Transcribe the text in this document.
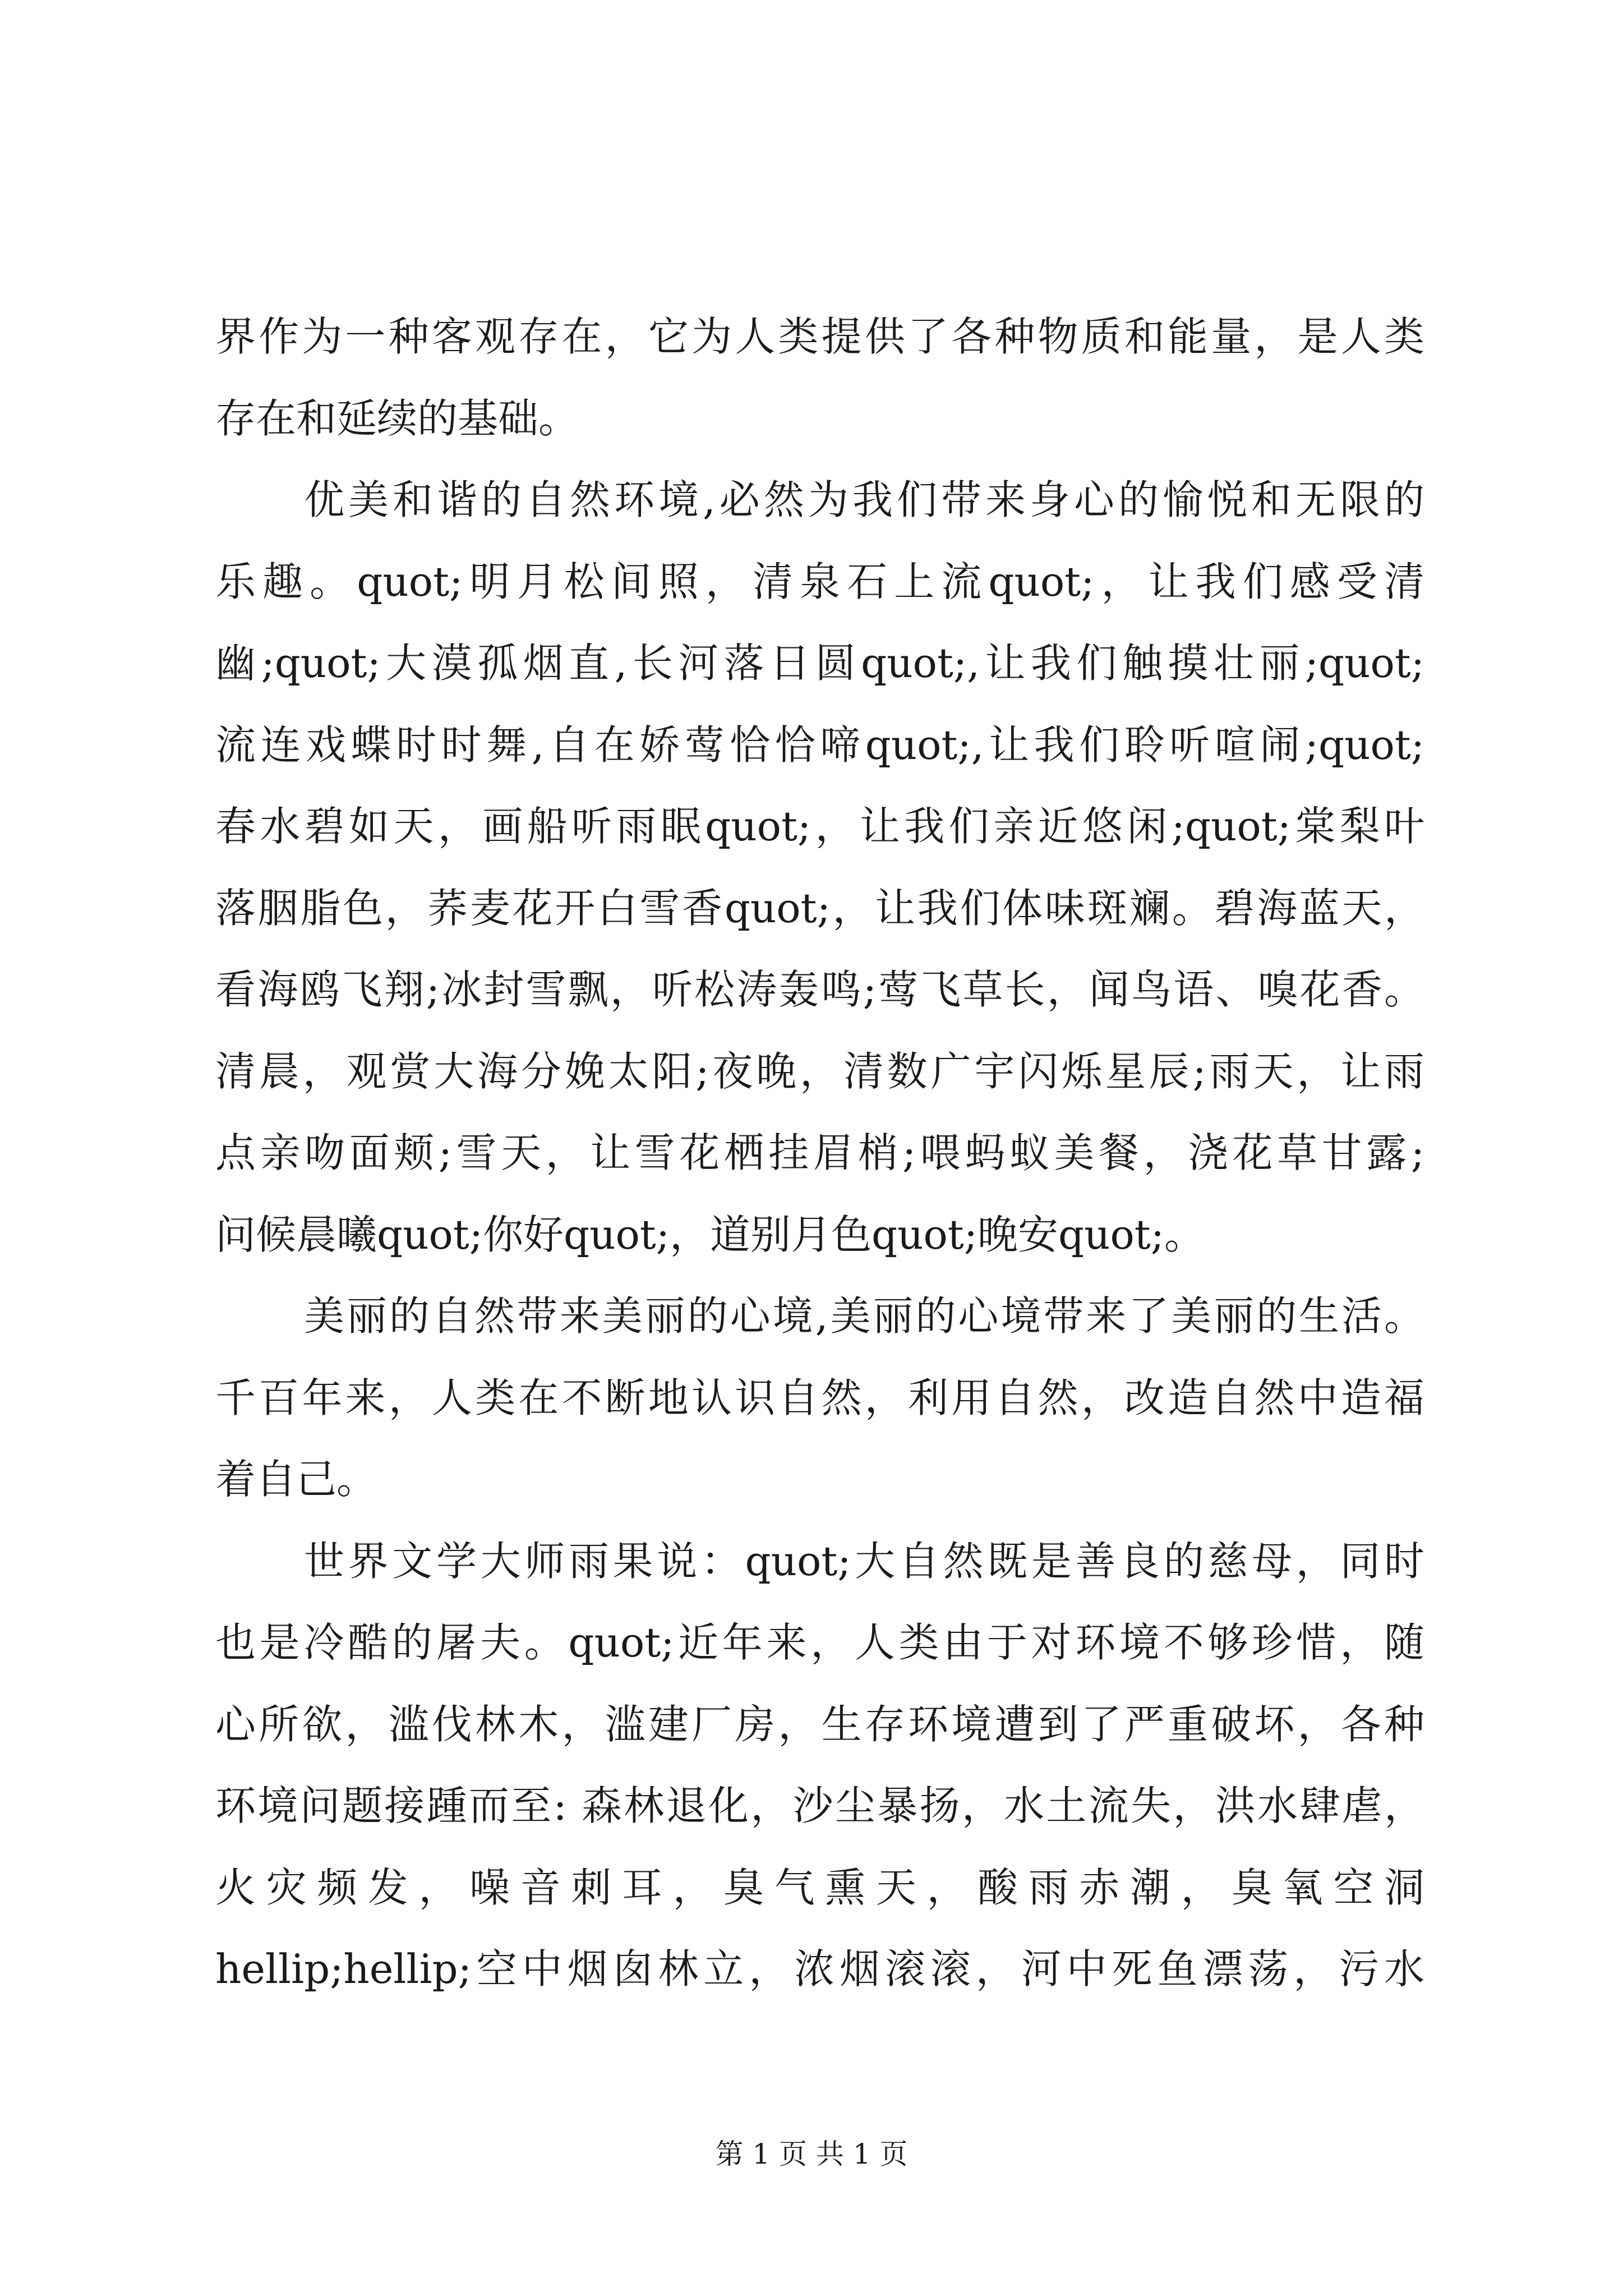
界作为一种客观存在，它为人类提供了各种物质和能量，是人类
存在和延续的基础。
优美和谐的自然环境,必然为我们带来身心的愉悦和无限的
乐趣。quot;明月松间照，清泉石上流quot;，让我们感受清
幽;quot;大漠孤烟直,长河落日圆quot;,让我们触摸壮丽;quot;
流连戏蝶时时舞,自在娇莺恰恰啼quot;,让我们聆听喧闹;quot;
春水碧如天，画船听雨眠quot;，让我们亲近悠闲;quot;棠梨叶
落胭脂色，荞麦花开白雪香quot;，让我们体味斑斓。碧海蓝天，
看海鸥飞翔;冰封雪飘，听松涛轰鸣;莺飞草长，闻鸟语、嗅花香。
清晨，观赏大海分娩太阳;夜晚，清数广宇闪烁星辰;雨天，让雨
点亲吻面颊;雪天，让雪花栖挂眉梢;喂蚂蚁美餐，浇花草甘露;
问候晨曦quot;你好quot;，道别月色quot;晚安quot;。
美丽的自然带来美丽的心境,美丽的心境带来了美丽的生活。
千百年来，人类在不断地认识自然，利用自然，改造自然中造福
着自己。
世界文学大师雨果说：quot;大自然既是善良的慈母，同时
也是冷酷的屠夫。quot;近年来，人类由于对环境不够珍惜，随
心所欲，滥伐林木，滥建厂房，生存环境遭到了严重破坏，各种
环境问题接踵而至: 森林退化，沙尘暴扬，水土流失，洪水肆虐，
火灾频发，噪音刺耳，臭气熏天，酸雨赤潮，臭氧空洞
hellip;hellip;空中烟囱林立，浓烟滚滚，河中死鱼漂荡，污水
第 1 页 共 1 页
